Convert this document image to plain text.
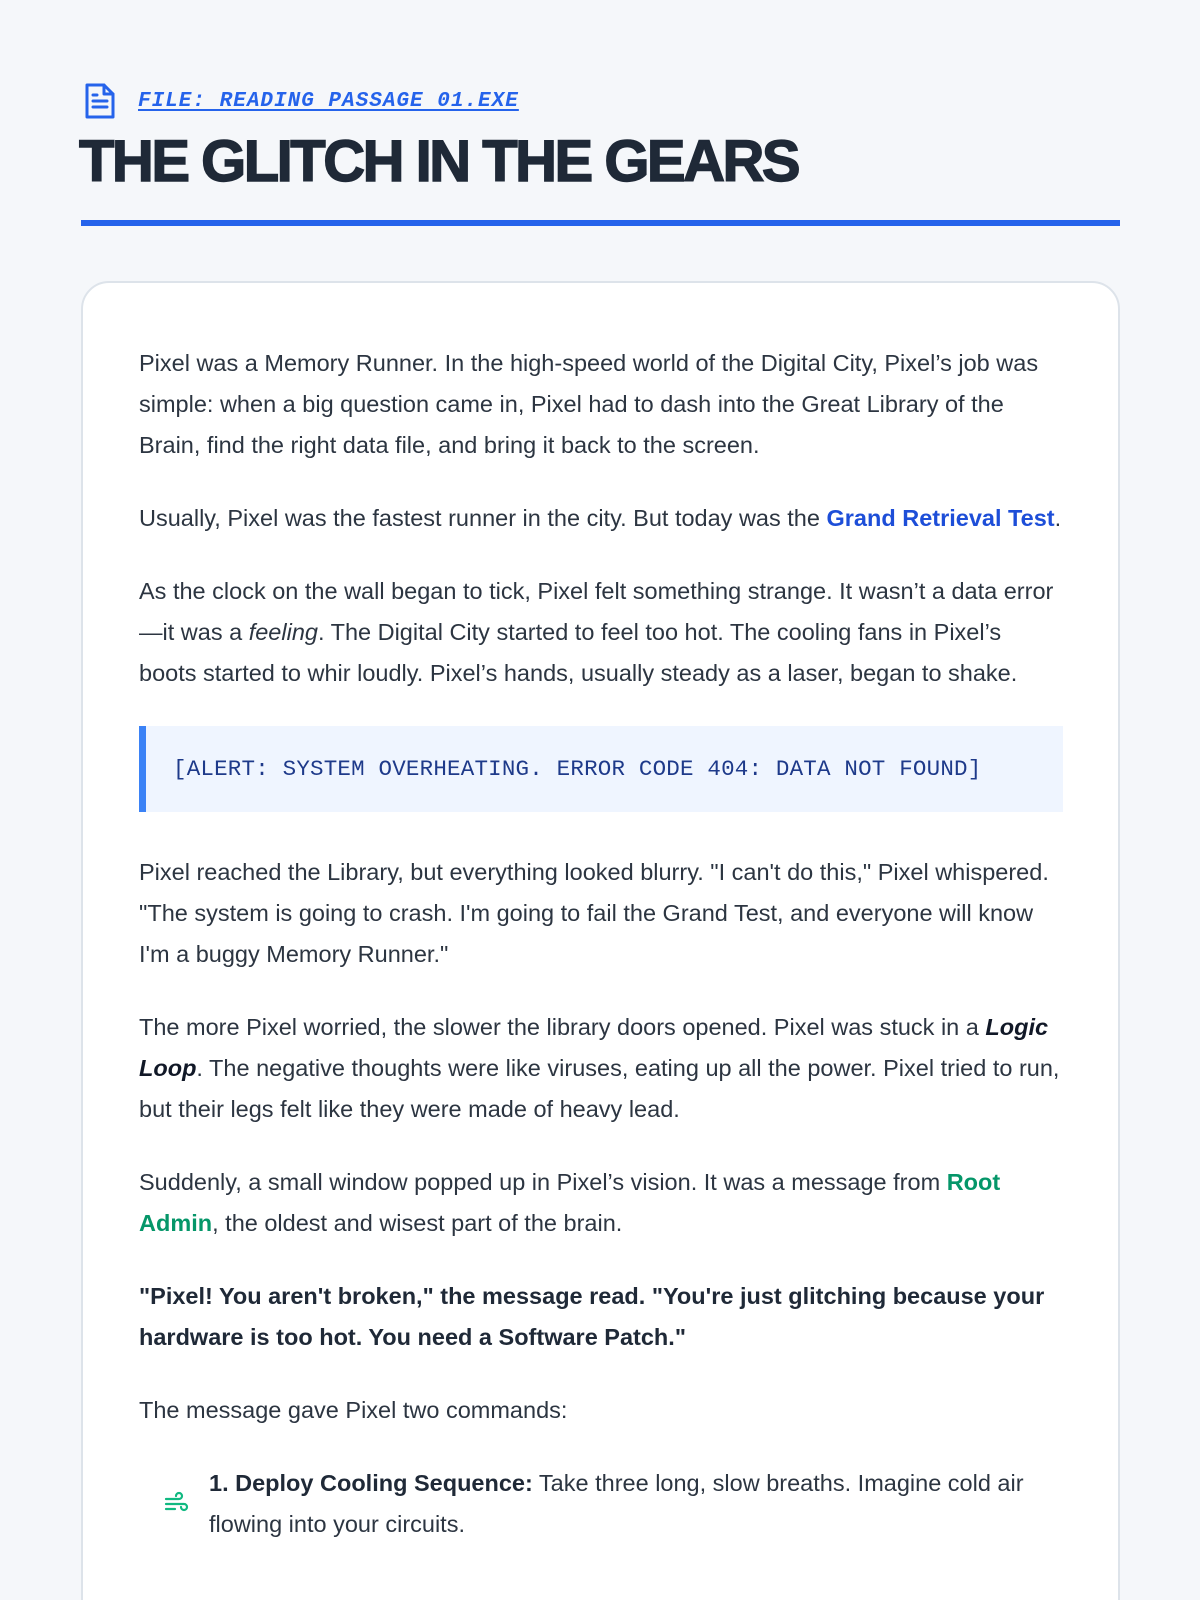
FILE: READING PASSAGE 01.EXE
THE GLITCH IN THE GEARS

Pixel was a Memory Runner. In the high-speed world of the Digital City, Pixel’s job was simple: when a big question came in, Pixel had to dash into the Great Library of the Brain, find the right data file, and bring it back to the screen.

Usually, Pixel was the fastest runner in the city. But today was the Grand Retrieval Test.

As the clock on the wall began to tick, Pixel felt something strange. It wasn’t a data error—it was a feeling. The Digital City started to feel too hot. The cooling fans in Pixel’s boots started to whir loudly. Pixel’s hands, usually steady as a laser, began to shake.

[ALERT: SYSTEM OVERHEATING. ERROR CODE 404: DATA NOT FOUND]

Pixel reached the Library, but everything looked blurry. "I can't do this," Pixel whispered. "The system is going to crash. I'm going to fail the Grand Test, and everyone will know I'm a buggy Memory Runner."

The more Pixel worried, the slower the library doors opened. Pixel was stuck in a Logic Loop. The negative thoughts were like viruses, eating up all the power. Pixel tried to run, but their legs felt like they were made of heavy lead.

Suddenly, a small window popped up in Pixel’s vision. It was a message from Root Admin, the oldest and wisest part of the brain.

"Pixel! You aren't broken," the message read. "You're just glitching because your hardware is too hot. You need a Software Patch."

The message gave Pixel two commands:

1. Deploy Cooling Sequence: Take three long, slow breaths. Imagine cold air flowing into your circuits.
